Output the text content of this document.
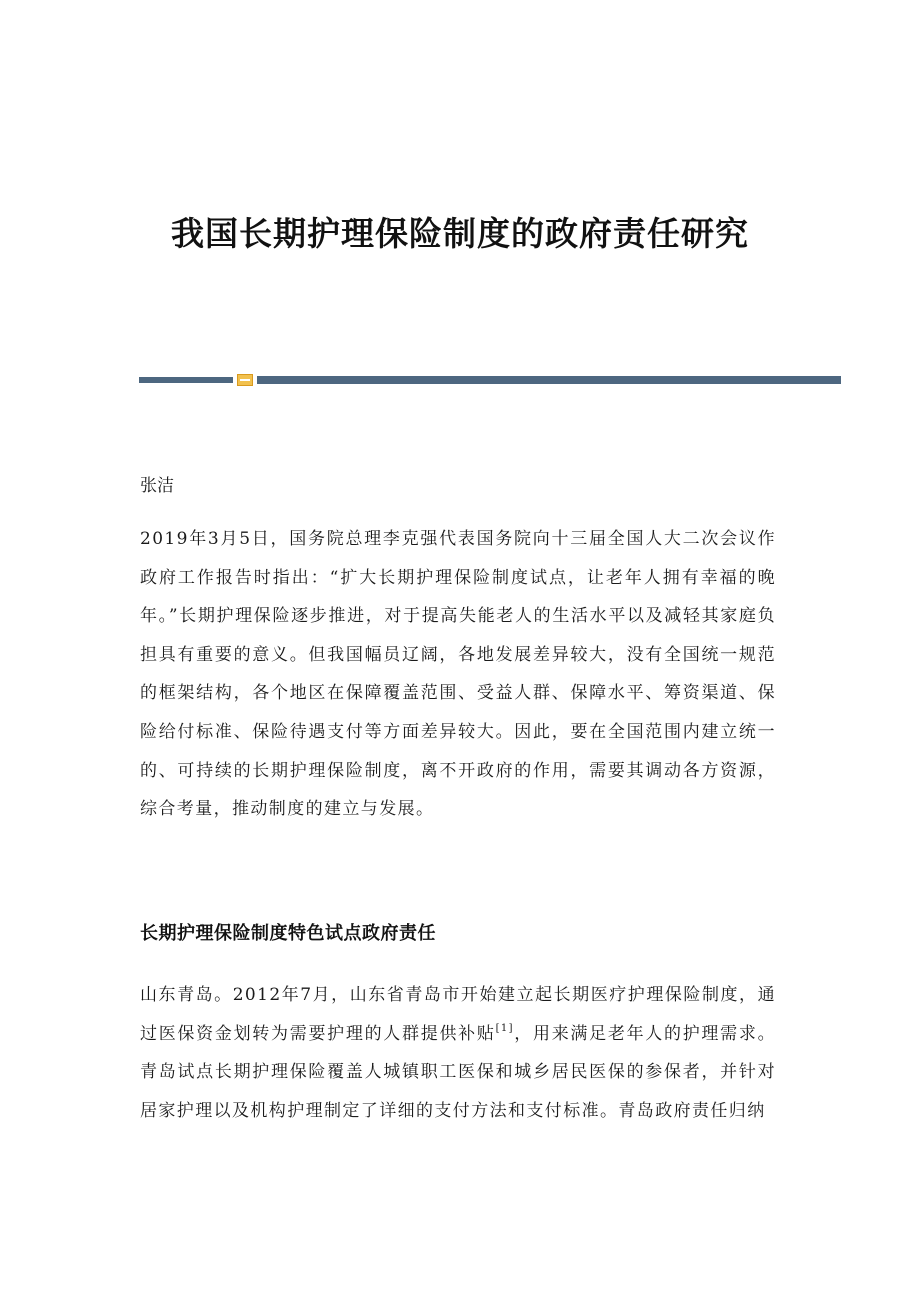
我国长期护理保险制度的政府责任研究
张洁

2019年3月5日，国务院总理李克强代表国务院向十三届全国人大二次会议作政府工作报告时指出：“扩大长期护理保险制度试点，让老年人拥有幸福的晚年。”长期护理保险逐步推进，对于提高失能老人的生活水平以及减轻其家庭负担具有重要的意义。但我国幅员辽阔，各地发展差异较大，没有全国统一规范的框架结构，各个地区在保障覆盖范围、受益人群、保障水平、筹资渠道、保险给付标准、保险待遇支付等方面差异较大。因此，要在全国范围内建立统一的、可持续的长期护理保险制度，离不开政府的作用，需要其调动各方资源，综合考量，推动制度的建立与发展。

长期护理保险制度特色试点政府责任

山东青岛。2012年7月，山东省青岛市开始建立起长期医疗护理保险制度，通过医保资金划转为需要护理的人群提供补贴[1]，用来满足老年人的护理需求。青岛试点长期护理保险覆盖人城镇职工医保和城乡居民医保的参保者，并针对居家护理以及机构护理制定了详细的支付方法和支付标准。青岛政府责任归纳
